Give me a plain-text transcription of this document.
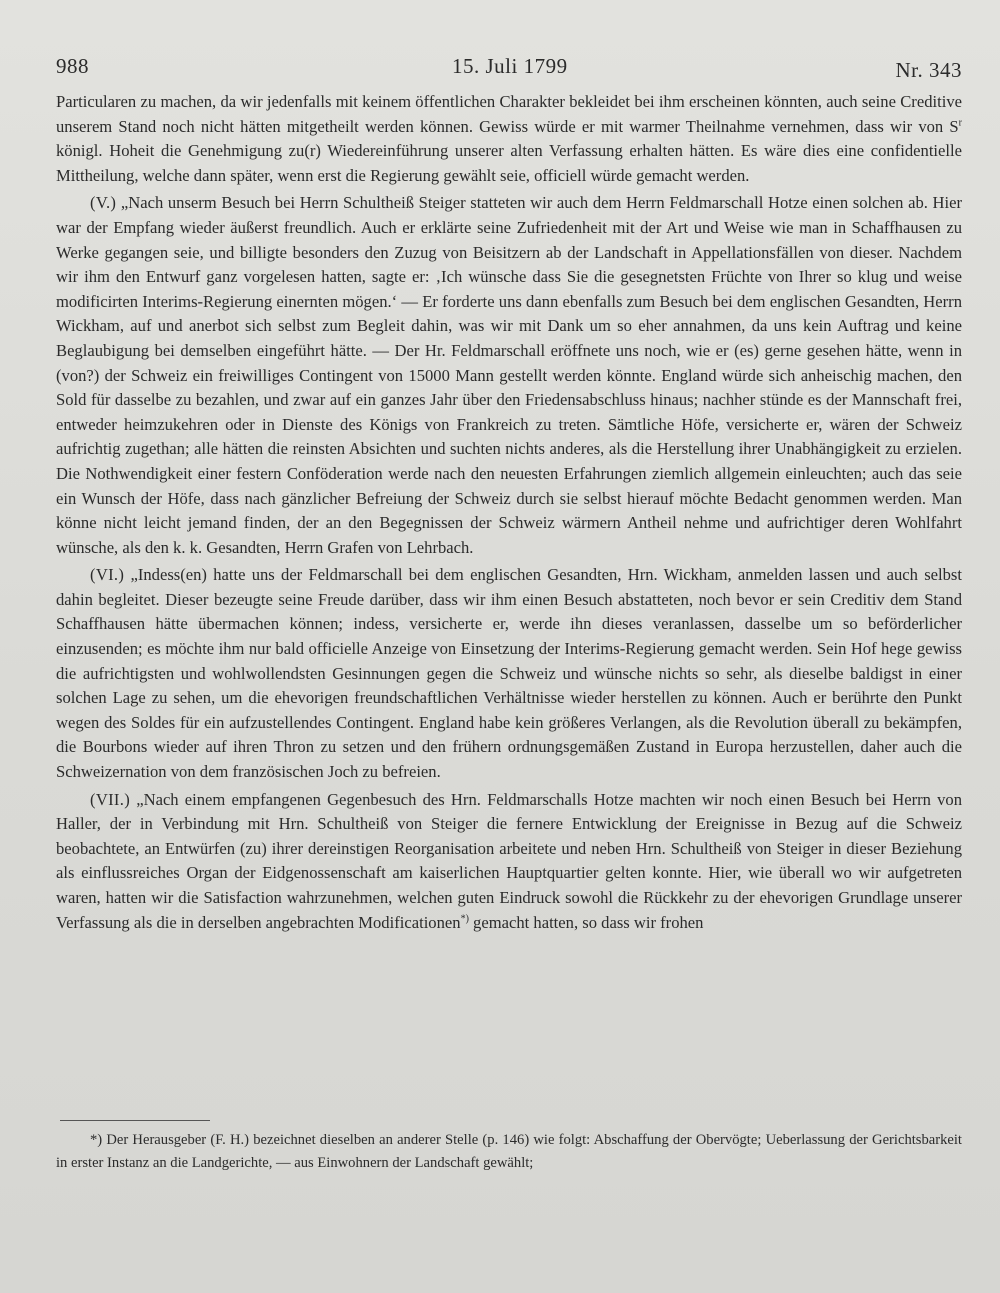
988	15. Juli 1799	Nr. 343

Particularen zu machen, da wir jedenfalls mit keinem öffentlichen Charakter bekleidet bei ihm erscheinen könnten, auch seine Creditive unserem Stand noch nicht hätten mitgetheilt werden können. Gewiss würde er mit warmer Theilnahme vernehmen, dass wir von $S^r$ königl. Hoheit die Genehmigung zu(r) Wiedereinführung unserer alten Verfassung erhalten hätten. Es wäre dies eine confidentielle Mittheilung, welche dann später, wenn erst die Regierung gewählt seie, officiell würde gemacht werden.

(V.) „Nach unserm Besuch bei Herrn Schultheiß Steiger statteten wir auch dem Herrn Feldmarschall Hotze einen solchen ab. Hier war der Empfang wieder äußerst freundlich. Auch er erklärte seine Zufriedenheit mit der Art und Weise wie man in Schaffhausen zu Werke gegangen seie, und billigte besonders den Zuzug von Beisitzern ab der Landschaft in Appellationsfällen von dieser. Nachdem wir ihm den Entwurf ganz vorgelesen hatten, sagte er: ‚Ich wünsche dass Sie die gesegnetsten Früchte von Ihrer so klug und weise modificirten Interims-Regierung einernten mögen.‘ — Er forderte uns dann ebenfalls zum Besuch bei dem englischen Gesandten, Herrn Wickham, auf und anerbot sich selbst zum Begleit dahin, was wir mit Dank um so eher annahmen, da uns kein Auftrag und keine Beglaubigung bei demselben eingeführt hätte. — Der Hr. Feldmarschall eröffnete uns noch, wie er (es) gerne gesehen hätte, wenn in (von?) der Schweiz ein freiwilliges Contingent von 15000 Mann gestellt werden könnte. England würde sich anheischig machen, den Sold für dasselbe zu bezahlen, und zwar auf ein ganzes Jahr über den Friedensabschluss hinaus; nachher stünde es der Mannschaft frei, entweder heimzukehren oder in Dienste des Königs von Frankreich zu treten. Sämtliche Höfe, versicherte er, wären der Schweiz aufrichtig zugethan; alle hätten die reinsten Absichten und suchten nichts anderes, als die Herstellung ihrer Unabhängigkeit zu erzielen. Die Nothwendigkeit einer festern Conföderation werde nach den neuesten Erfahrungen ziemlich allgemein einleuchten; auch das seie ein Wunsch der Höfe, dass nach gänzlicher Befreiung der Schweiz durch sie selbst hierauf möchte Bedacht genommen werden. Man könne nicht leicht jemand finden, der an den Begegnissen der Schweiz wärmern Antheil nehme und aufrichtiger deren Wohlfahrt wünsche, als den k. k. Gesandten, Herrn Grafen von Lehrbach.

(VI.) „Indess(en) hatte uns der Feldmarschall bei dem englischen Gesandten, Hrn. Wickham, anmelden lassen und auch selbst dahin begleitet. Dieser bezeugte seine Freude darüber, dass wir ihm einen Besuch abstatteten, noch bevor er sein Creditiv dem Stand Schaffhausen hätte übermachen können; indess, versicherte er, werde ihn dieses veranlassen, dasselbe um so beförderlicher einzusenden; es möchte ihm nur bald officielle Anzeige von Einsetzung der Interims-Regierung gemacht werden. Sein Hof hege gewiss die aufrichtigsten und wohlwollendsten Gesinnungen gegen die Schweiz und wünsche nichts so sehr, als dieselbe baldigst in einer solchen Lage zu sehen, um die ehevorigen freundschaftlichen Verhältnisse wieder herstellen zu können. Auch er berührte den Punkt wegen des Soldes für ein aufzustellendes Contingent. England habe kein größeres Verlangen, als die Revolution überall zu bekämpfen, die Bourbons wieder auf ihren Thron zu setzen und den frühern ordnungsgemäßen Zustand in Europa herzustellen, daher auch die Schweizernation von dem französischen Joch zu befreien.

(VII.) „Nach einem empfangenen Gegenbesuch des Hrn. Feldmarschalls Hotze machten wir noch einen Besuch bei Herrn von Haller, der in Verbindung mit Hrn. Schultheiß von Steiger die fernere Entwicklung der Ereignisse in Bezug auf die Schweiz beobachtete, an Entwürfen (zu) ihrer dereinstigen Reorganisation arbeitete und neben Hrn. Schultheiß von Steiger in dieser Beziehung als einflussreiches Organ der Eidgenossenschaft am kaiserlichen Hauptquartier gelten konnte. Hier, wie überall wo wir aufgetreten waren, hatten wir die Satisfaction wahrzunehmen, welchen guten Eindruck sowohl die Rückkehr zu der ehevorigen Grundlage unserer Verfassung als die in derselben angebrachten Modificationen*) gemacht hatten, so dass wir frohen

*) Der Herausgeber (F. H.) bezeichnet dieselben an anderer Stelle (p. 146) wie folgt: Abschaffung der Obervögte; Ueberlassung der Gerichtsbarkeit in erster Instanz an die Landgerichte, — aus Einwohnern der Landschaft gewählt;
